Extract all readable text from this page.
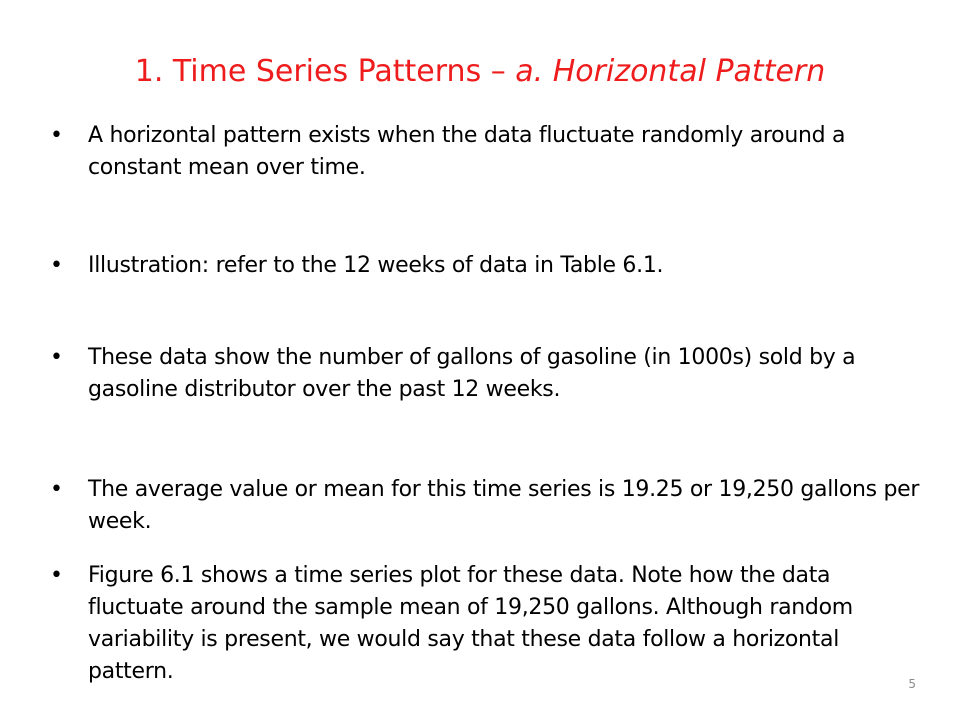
1. Time Series Patterns – a. Horizontal Pattern
•	A horizontal pattern exists when the data fluctuate randomly around a constant mean over time.
•	Illustration: refer to the 12 weeks of data in Table 6.1.
•	These data show the number of gallons of gasoline (in 1000s) sold by a gasoline distributor over the past 12 weeks.
•	The average value or mean for this time series is 19.25 or 19,250 gallons per week.
•	Figure 6.1 shows a time series plot for these data. Note how the data fluctuate around the sample mean of 19,250 gallons. Although random variability is present, we would say that these data follow a horizontal pattern.	5
